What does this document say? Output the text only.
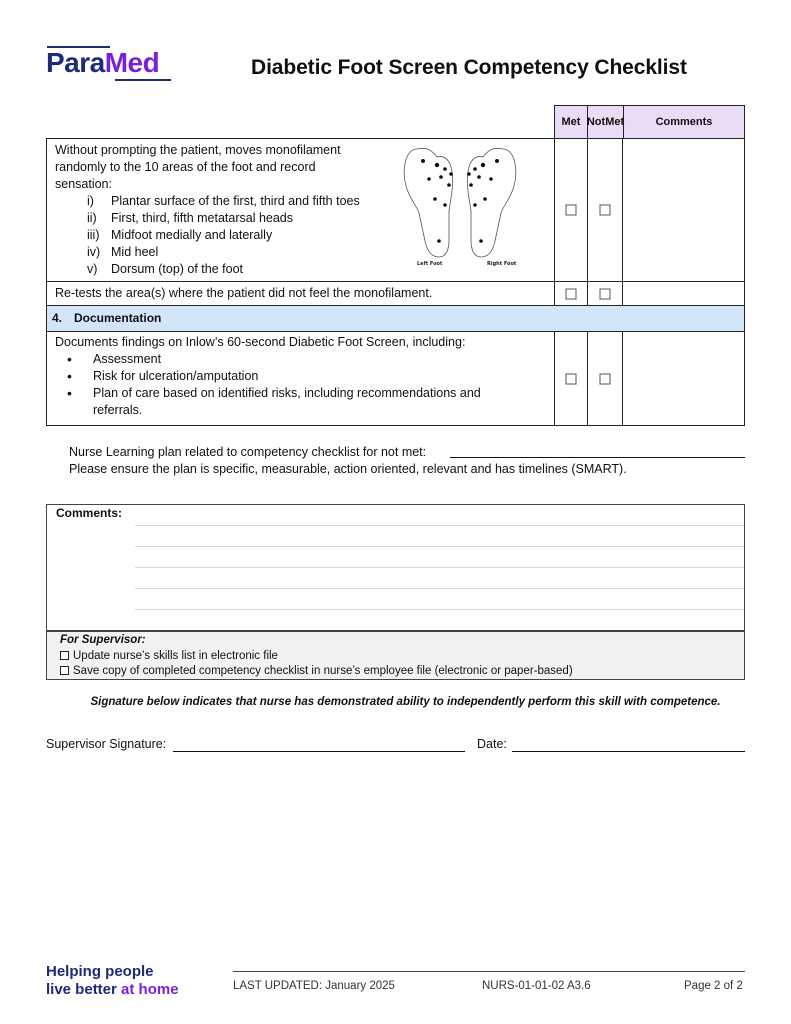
ParaMed	Diabetic Foot Screen Competency Checklist
Met Not Met	Comments
Without prompting the patient, moves monofilament
randomly to the 10 areas of the foot and record
sensation:
i)	Plantar surface of the first, third and fifth toes
ii)	First, third, fifth metatarsal heads
iii) Midfoot medially and laterally
iv) Mid heel
v)	Dorsum (top) of the foot	Left Foot	Right Foot
Re-tests the area(s) where the patient did not feel the monofilament.
4. Documentation
Documents findings on Inlow’s 60-second Diabetic Foot Screen, including:
•	Assessment
•	Risk for ulceration/amputation
•	Plan of care based on identified risks, including recommendations and
referrals.
Nurse Learning plan related to competency checklist for not met:
Please ensure the plan is specific, measurable, action oriented, relevant and has timelines (SMART).
Comments:
For Supervisor:
Update nurse’s skills list in electronic file
Save copy of completed competency checklist in nurse’s employee file (electronic or paper-based)
Signature below indicates that nurse has demonstrated ability to independently perform this skill with competence.
Supervisor Signature:	Date:
Helping people
live better at home	LAST UPDATED: January 2025	NURS-01-01-02 A3.6	Page 2 of 2
